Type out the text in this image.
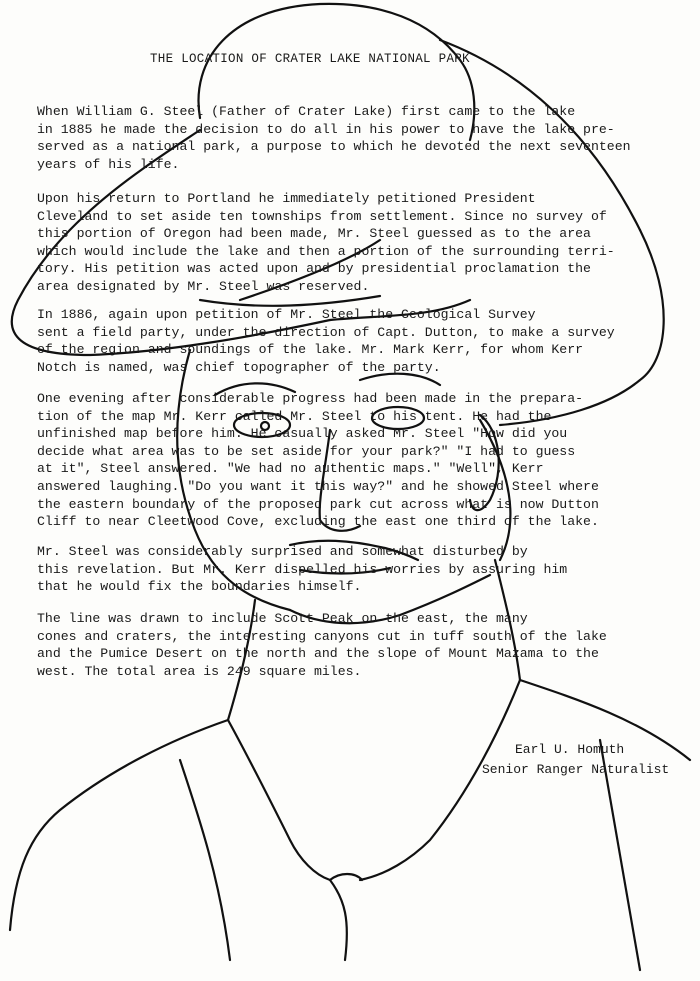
THE LOCATION OF CRATER LAKE NATIONAL PARK
When William G. Steel (Father of Crater Lake) first came to the lake
in 1885 he made the decision to do all in his power to have the lake pre-
served as a national park, a purpose to which he devoted the next seventeen
years of his life.
Upon his return to Portland he immediately petitioned President
Cleveland to set aside ten townships from settlement. Since no survey of
this portion of Oregon had been made, Mr. Steel guessed as to the area
which would include the lake and then a portion of the surrounding terri-
tory. His petition was acted upon and by presidential proclamation the
area designated by Mr. Steel was reserved.
In 1886, again upon petition of Mr. Steel the Geological Survey
sent a field party, under the direction of Capt. Dutton, to make a survey
of the region and soundings of the lake. Mr. Mark Kerr, for whom Kerr
Notch is named, was chief topographer of the party.
One evening after considerable progress had been made in the prepara-
tion of the map Mr. Kerr called Mr. Steel to his tent. He had the
unfinished map before him. He casually asked Mr. Steel "How did you
decide what area was to be set aside for your park?" "I had to guess
at it", Steel answered. "We had no authentic maps." "Well", Kerr
answered laughing. "Do you want it this way?" and he showed Steel where
the eastern boundary of the proposed park cut across what is now Dutton
Cliff to near Cleetwood Cove, excluding the east one third of the lake.
Mr. Steel was considerably surprised and somewhat disturbed by
this revelation. But Mr. Kerr dispelled his worries by assuring him
that he would fix the boundaries himself.
The line was drawn to include Scott Peak on the east, the many
cones and craters, the interesting canyons cut in tuff south of the lake
and the Pumice Desert on the north and the slope of Mount Mazama to the
west. The total area is 249 square miles.
Earl U. Homuth
Senior Ranger Naturalist
